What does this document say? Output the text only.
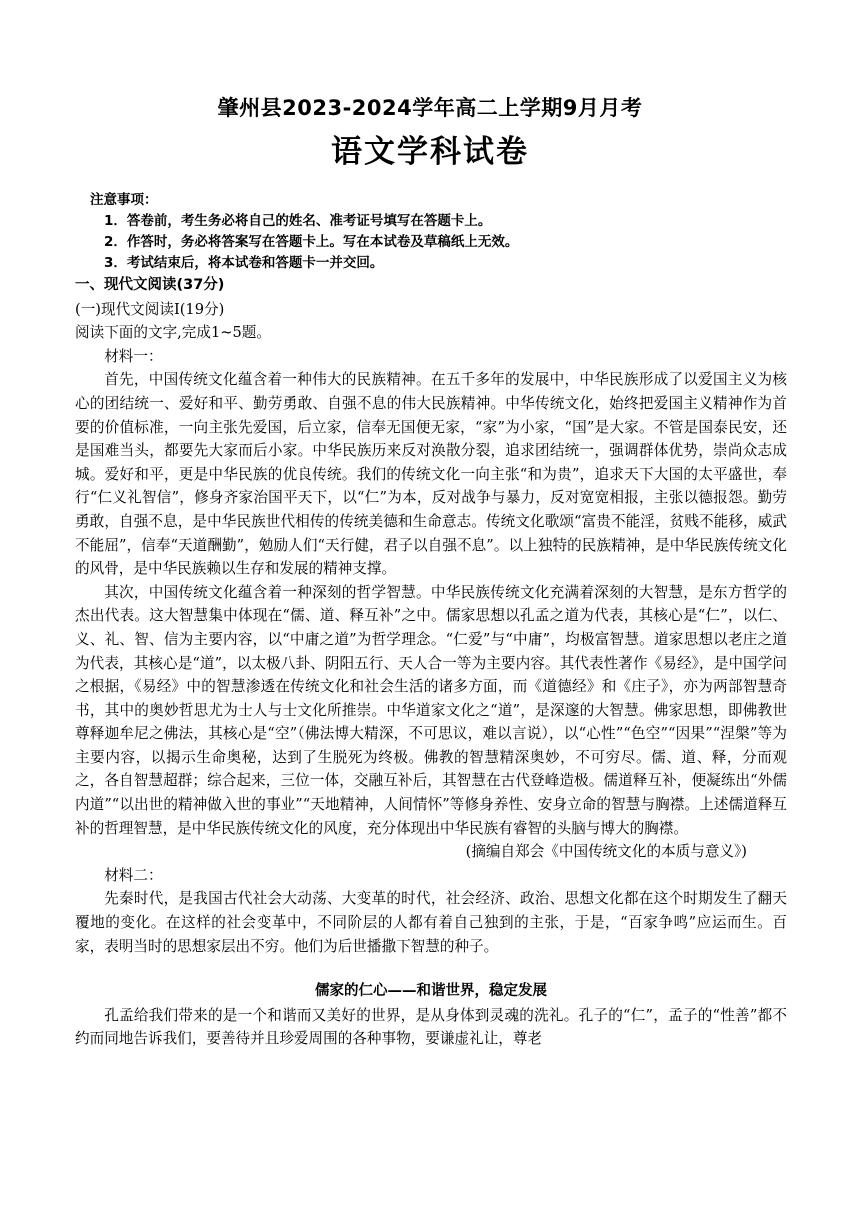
肇州县2023-2024学年高二上学期9月月考
语文学科试卷
注意事项：
1．答卷前，考生务必将自己的姓名、准考证号填写在答题卡上。
2．作答时，务必将答案写在答题卡上。写在本试卷及草稿纸上无效。
3．考试结束后，将本试卷和答题卡一并交回。

一、现代文阅读(37分)

(一)现代文阅读Ⅰ(19分)

阅读下面的文字,完成1~5题。

材料一：

首先，中国传统文化蕴含着一种伟大的民族精神。在五千多年的发展中，中华民族形成了以爱国主义为核心的团结统一、爱好和平、勤劳勇敢、自强不息的伟大民族精神。中华传统文化，始终把爱国主义精神作为首要的价值标准，一向主张先爱国，后立家，信奉无国便无家，“家”为小家，“国”是大家。不管是国泰民安，还是国难当头，都要先大家而后小家。中华民族历来反对涣散分裂，追求团结统一，强调群体优势，崇尚众志成城。爱好和平，更是中华民族的优良传统。我们的传统文化一向主张“和为贵”，追求天下大国的太平盛世，奉行“仁义礼智信”，修身齐家治国平天下，以“仁”为本，反对战争与暴力，反对宽宽相报，主张以德报怨。勤劳勇敢，自强不息，是中华民族世代相传的传统美德和生命意志。传统文化歌颂“富贵不能淫，贫贱不能移，威武不能屈”，信奉“天道酬勤”，勉励人们“天行健，君子以自强不息”。以上独特的民族精神，是中华民族传统文化的风骨，是中华民族赖以生存和发展的精神支撑。

其次，中国传统文化蕴含着一种深刻的哲学智慧。中华民族传统文化充满着深刻的大智慧，是东方哲学的杰出代表。这大智慧集中体现在“儒、道、释互补”之中。儒家思想以孔孟之道为代表，其核心是“仁”，以仁、义、礼、智、信为主要内容，以“中庸之道”为哲学理念。“仁爱”与“中庸”，均极富智慧。道家思想以老庄之道为代表，其核心是“道”，以太极八卦、阴阳五行、天人合一等为主要内容。其代表性著作《易经》，是中国学问之根据，《易经》中的智慧渗透在传统文化和社会生活的诸多方面，而《道德经》和《庄子》，亦为两部智慧奇书，其中的奥妙哲思尤为士人与士文化所推崇。中华道家文化之“道”，是深邃的大智慧。佛家思想，即佛教世尊释迦牟尼之佛法，其核心是“空”（佛法博大精深，不可思议，难以言说），以“心性”“色空”“因果”“涅槃”等为主要内容，以揭示生命奥秘，达到了生脱死为终极。佛教的智慧精深奥妙，不可穷尽。儒、道、释，分而观之，各自智慧超群；综合起来，三位一体，交融互补后，其智慧在古代登峰造极。儒道释互补，便凝练出“外儒内道”“以出世的精神做入世的事业”“天地精神，人间情怀”等修身养性、安身立命的智慧与胸襟。上述儒道释互补的哲理智慧，是中华民族传统文化的风度，充分体现出中华民族有睿智的头脑与博大的胸襟。

(摘编自郑会《中国传统文化的本质与意义》)

材料二：

先秦时代，是我国古代社会大动荡、大变革的时代，社会经济、政治、思想文化都在这个时期发生了翻天覆地的变化。在这样的社会变革中，不同阶层的人都有着自己独到的主张，于是，“百家争鸣”应运而生。百家，表明当时的思想家层出不穷。他们为后世播撒下智慧的种子。

儒家的仁心——和谐世界，稳定发展

孔孟给我们带来的是一个和谐而又美好的世界，是从身体到灵魂的洗礼。孔子的“仁”，孟子的“性善”都不约而同地告诉我们，要善待并且珍爱周围的各种事物，要谦虚礼让，尊老
